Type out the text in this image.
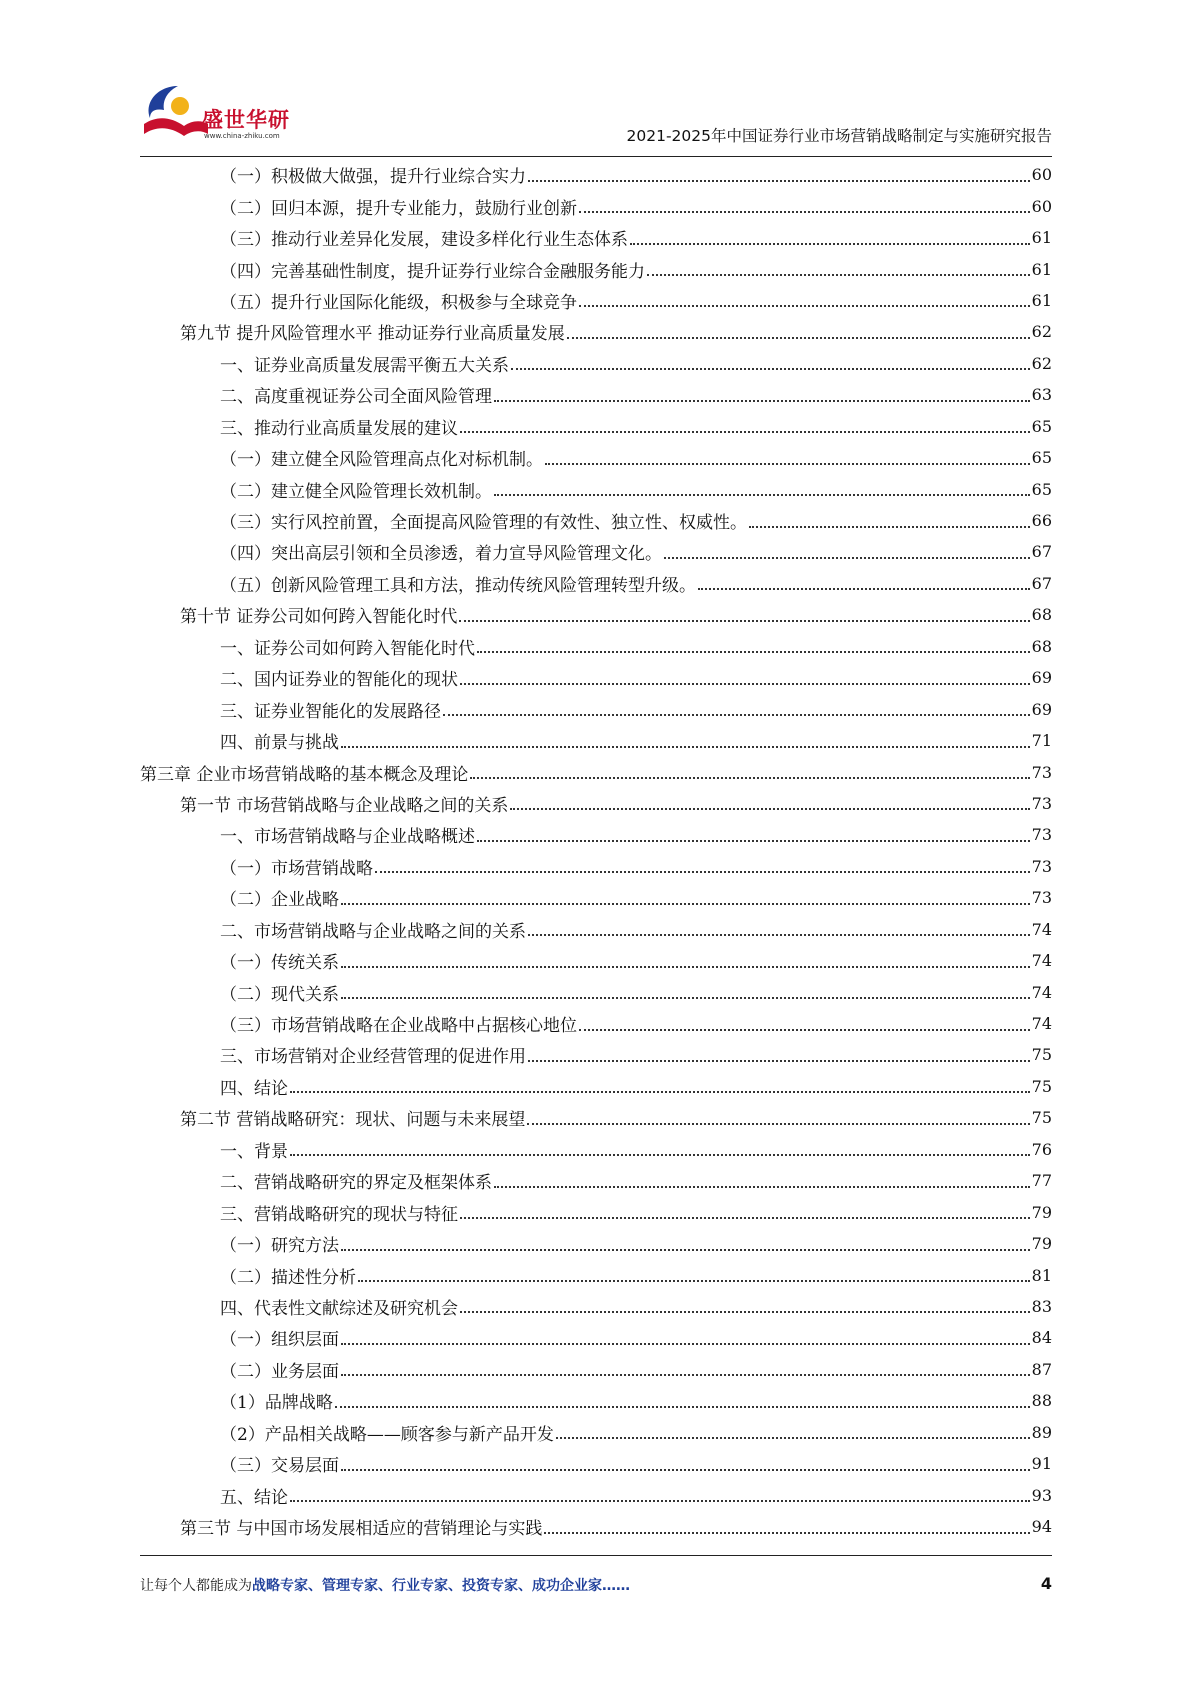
盛世华研
www.china-zhiku.com	2021-2025年中国证券行业市场营销战略制定与实施研究报告
（一）积极做大做强，提升行业综合实力	60
（二）回归本源，提升专业能力，鼓励行业创新	60
（三）推动行业差异化发展，建设多样化行业生态体系	61
（四）完善基础性制度，提升证券行业综合金融服务能力	61
（五）提升行业国际化能级，积极参与全球竞争	61
第九节 提升风险管理水平 推动证券行业高质量发展	62
一、证券业高质量发展需平衡五大关系	62
二、高度重视证券公司全面风险管理	63
三、推动行业高质量发展的建议	65
（一）建立健全风险管理高点化对标机制。	65
（二）建立健全风险管理长效机制。	65
（三）实行风控前置，全面提高风险管理的有效性、独立性、权威性。	66
（四）突出高层引领和全员渗透，着力宣导风险管理文化。	67
（五）创新风险管理工具和方法，推动传统风险管理转型升级。	67
第十节 证券公司如何跨入智能化时代	68
一、证券公司如何跨入智能化时代	68
二、国内证券业的智能化的现状	69
三、证券业智能化的发展路径	69
四、前景与挑战	71
第三章 企业市场营销战略的基本概念及理论	73
第一节 市场营销战略与企业战略之间的关系	73
一、市场营销战略与企业战略概述	73
（一）市场营销战略	73
（二）企业战略	73
二、市场营销战略与企业战略之间的关系	74
（一）传统关系	74
（二）现代关系	74
（三）市场营销战略在企业战略中占据核心地位	74
三、市场营销对企业经营管理的促进作用	75
四、结论	75
第二节 营销战略研究：现状、问题与未来展望	75
一、背景	76
二、营销战略研究的界定及框架体系	77
三、营销战略研究的现状与特征	79
（一）研究方法	79
（二）描述性分析	81
四、代表性文献综述及研究机会	83
（一）组织层面	84
（二）业务层面	87
（1）品牌战略	88
（2）产品相关战略——顾客参与新产品开发	89
（三）交易层面	91
五、结论	93
第三节 与中国市场发展相适应的营销理论与实践	94
让每个人都能成为战略专家、管理专家、行业专家、投资专家、成功企业家……	4
